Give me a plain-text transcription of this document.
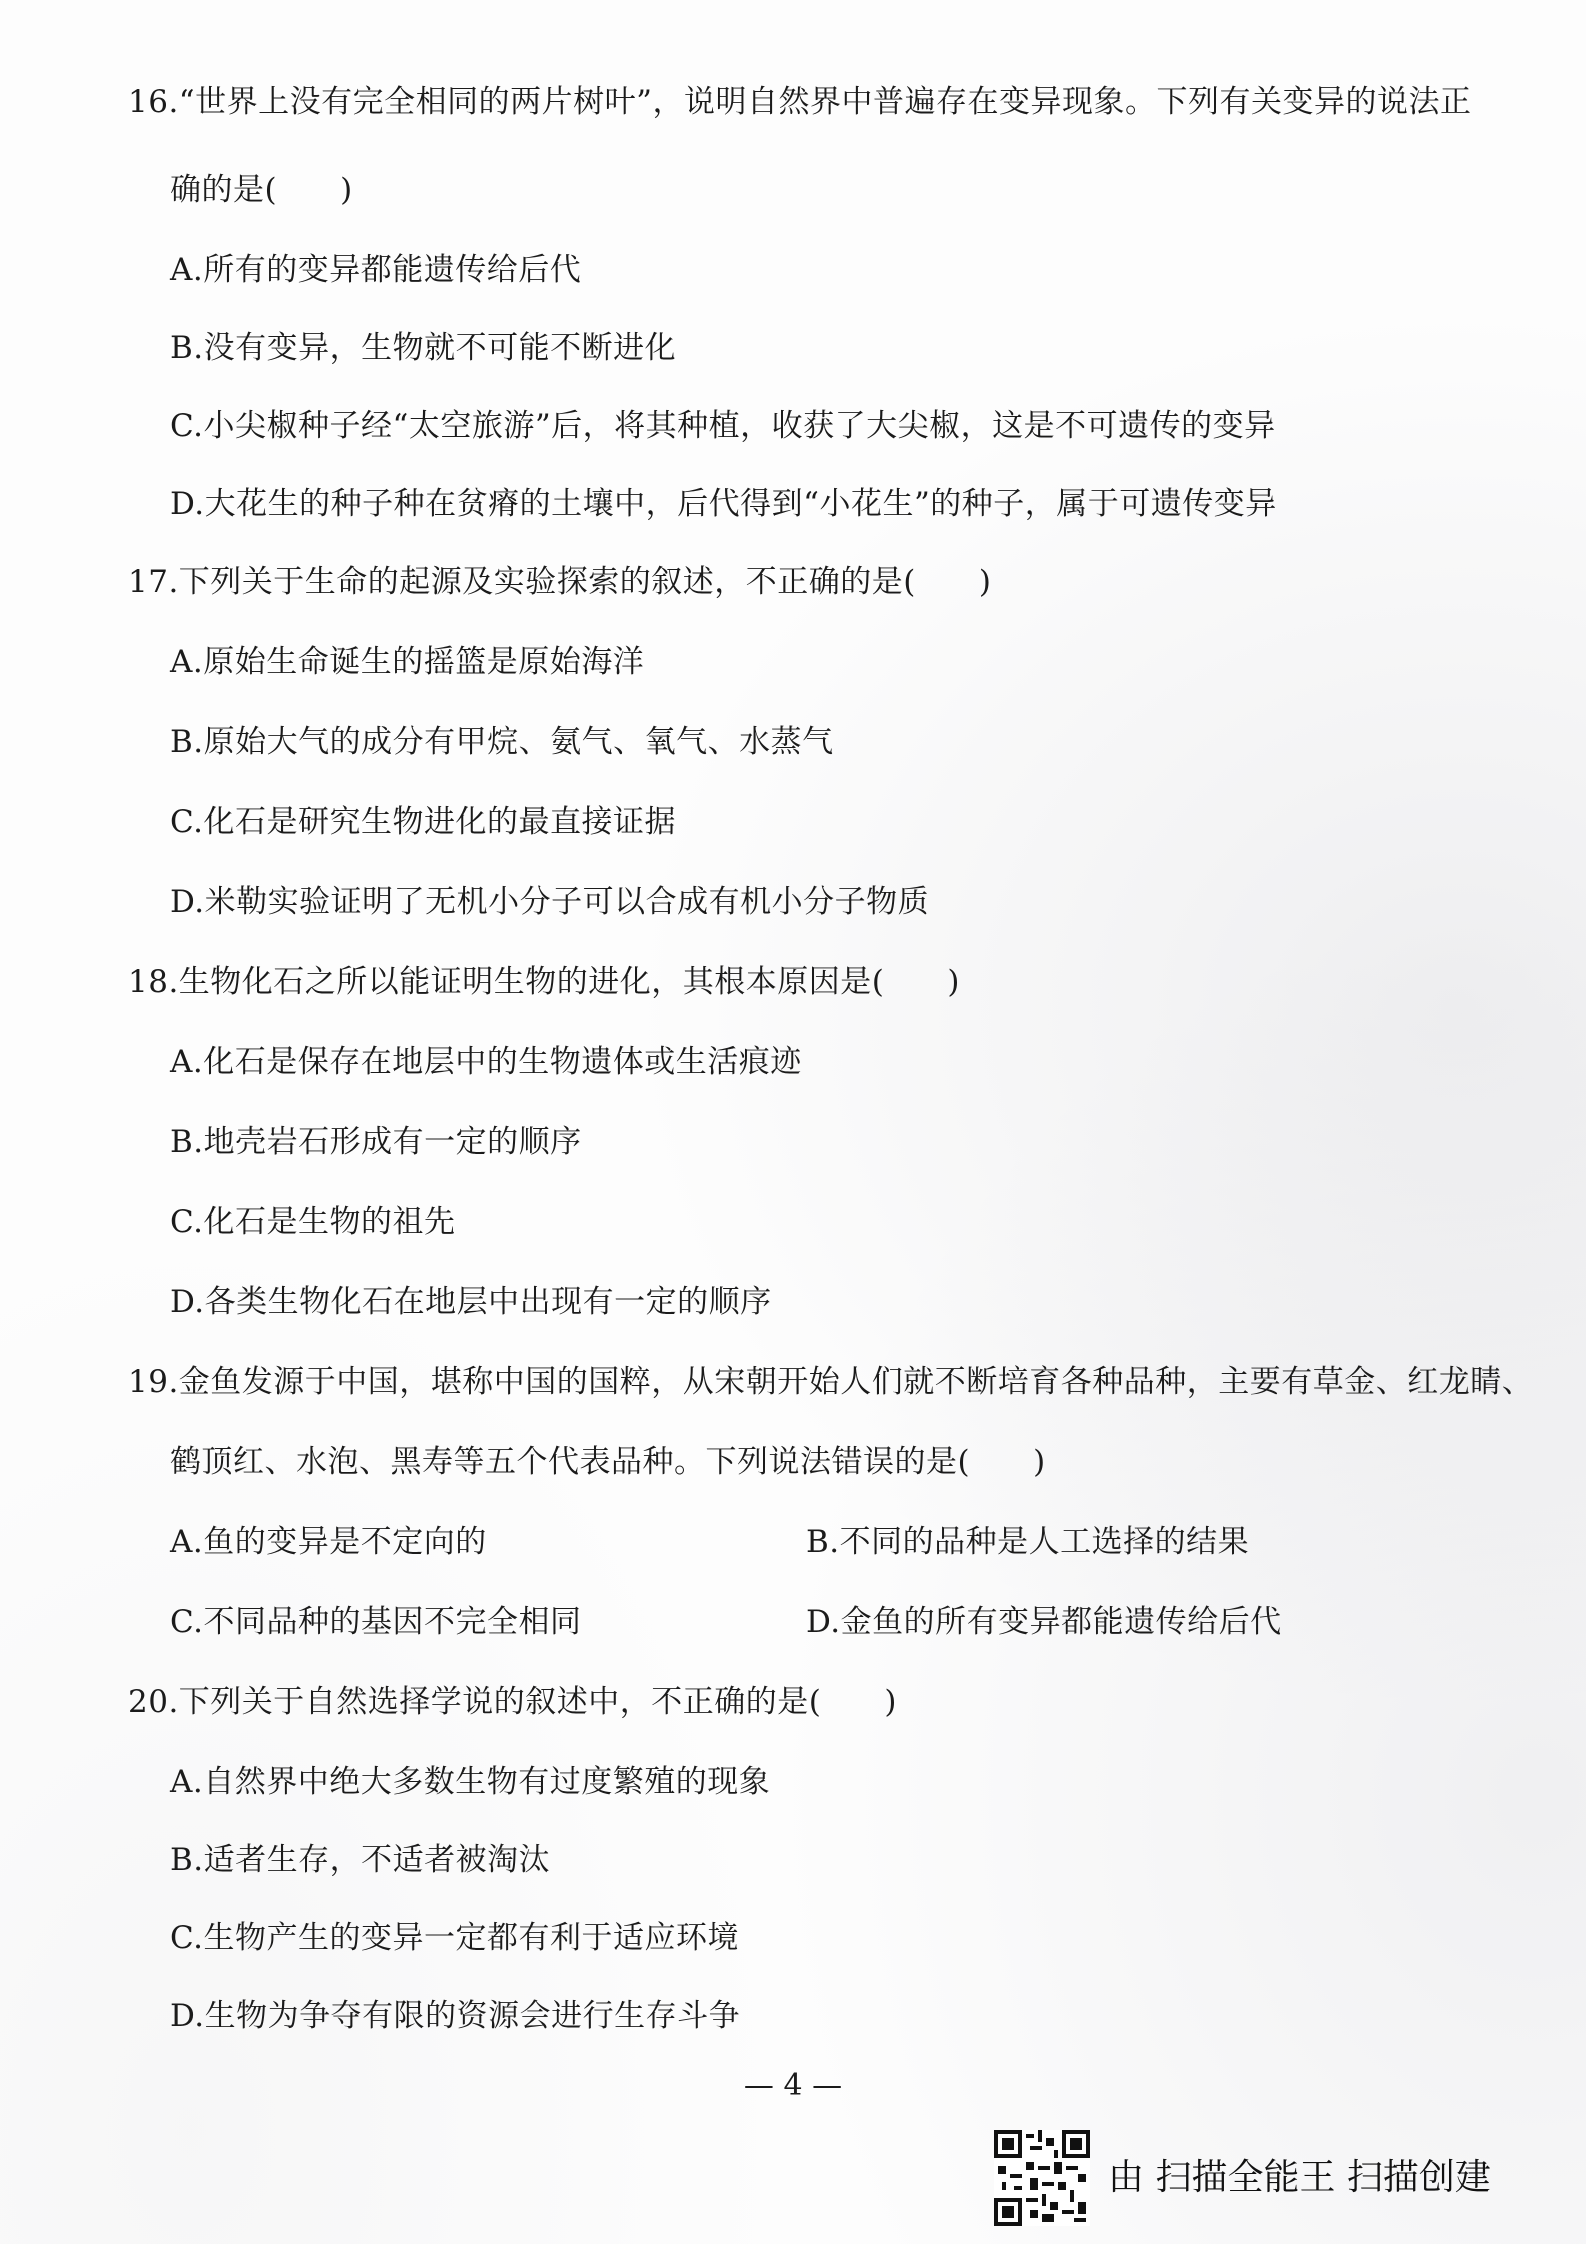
16.“世界上没有完全相同的两片树叶”，说明自然界中普遍存在变异现象。下列有关变异的说法正
确的是(　　)
A.所有的变异都能遗传给后代
B.没有变异，生物就不可能不断进化
C.小尖椒种子经“太空旅游”后，将其种植，收获了大尖椒，这是不可遗传的变异
D.大花生的种子种在贫瘠的土壤中，后代得到“小花生”的种子，属于可遗传变异
17.下列关于生命的起源及实验探索的叙述，不正确的是(　　)
A.原始生命诞生的摇篮是原始海洋
B.原始大气的成分有甲烷、氨气、氧气、水蒸气
C.化石是研究生物进化的最直接证据
D.米勒实验证明了无机小分子可以合成有机小分子物质
18.生物化石之所以能证明生物的进化，其根本原因是(　　)
A.化石是保存在地层中的生物遗体或生活痕迹
B.地壳岩石形成有一定的顺序
C.化石是生物的祖先
D.各类生物化石在地层中出现有一定的顺序
19.金鱼发源于中国，堪称中国的国粹，从宋朝开始人们就不断培育各种品种，主要有草金、红龙睛、
鹤顶红、水泡、黑寿等五个代表品种。下列说法错误的是(　　)
A.鱼的变异是不定向的	B.不同的品种是人工选择的结果
C.不同品种的基因不完全相同	D.金鱼的所有变异都能遗传给后代
20.下列关于自然选择学说的叙述中，不正确的是(　　)
A.自然界中绝大多数生物有过度繁殖的现象
B.适者生存，不适者被淘汰
C.生物产生的变异一定都有利于适应环境
D.生物为争夺有限的资源会进行生存斗争
— 4 —
由 扫描全能王 扫描创建
